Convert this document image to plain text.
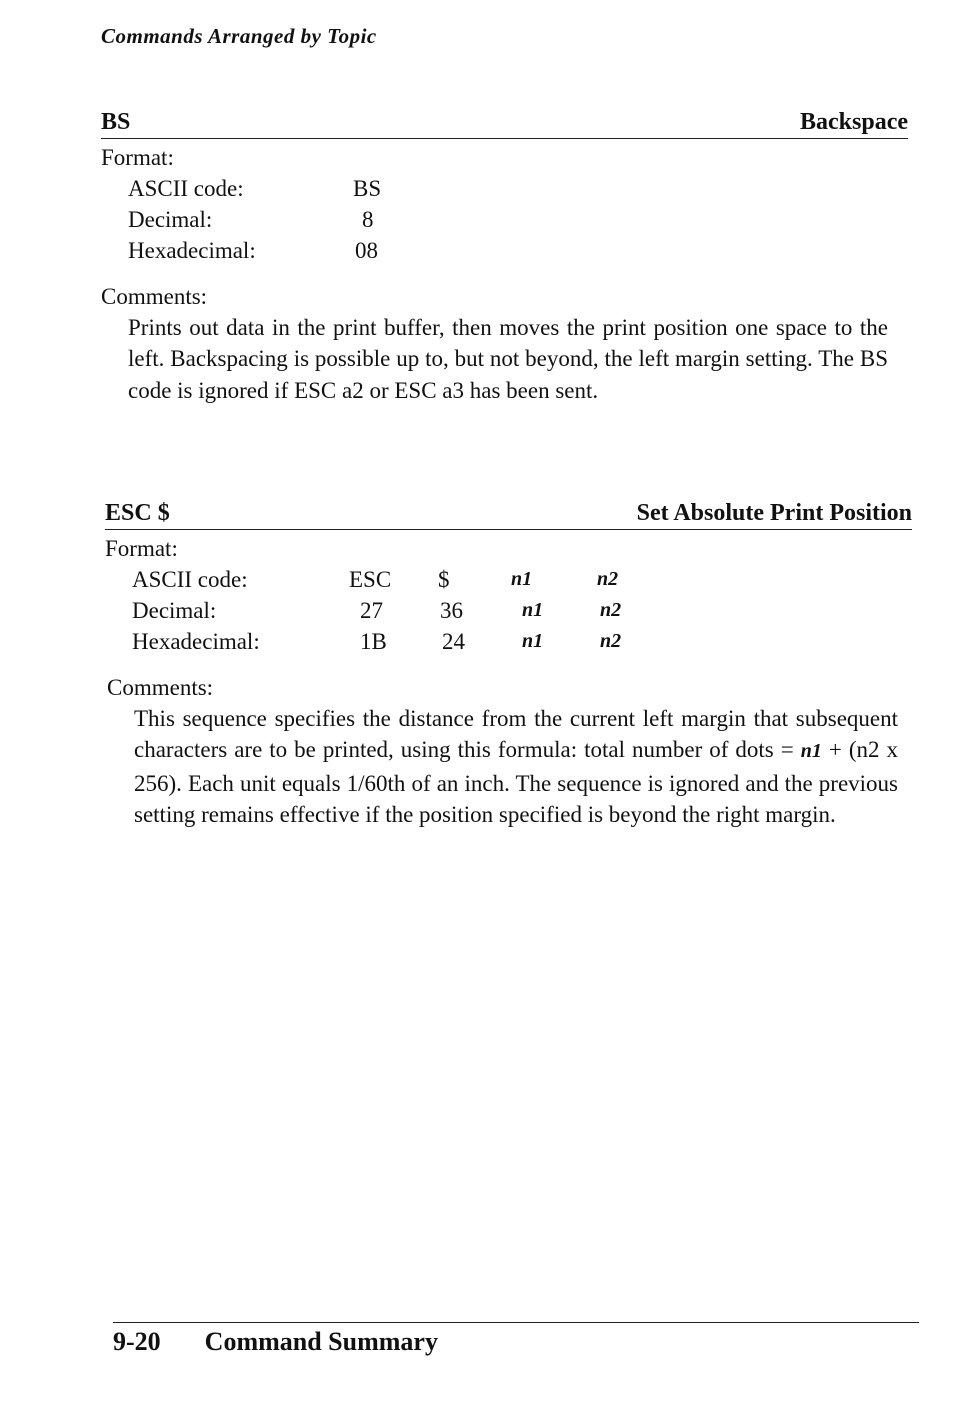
Commands Arranged by Topic
BS	Backspace
Format:
ASCII code:	BS
Decimal:	8
Hexadecimal:	08
Comments:
Prints out data in the print buffer, then moves the print position one space to the left. Backspacing is possible up to, but not beyond, the left margin setting. The BS code is ignored if ESC a2 or ESC a3 has been sent.
ESC $	Set Absolute Print Position
Format:
ASCII code:	ESC $	n1	n2
Decimal:	27 36	n1	n2
Hexadecimal:	1B 24	n1	n2
Comments:
This sequence specifies the distance from the current left margin that subsequent characters are to be printed, using this formula: total number of dots = n1 + (n2 x 256). Each unit equals 1/60th of an inch. The sequence is ignored and the previous setting remains effective if the position specified is beyond the right margin.
9-20 Command Summary
